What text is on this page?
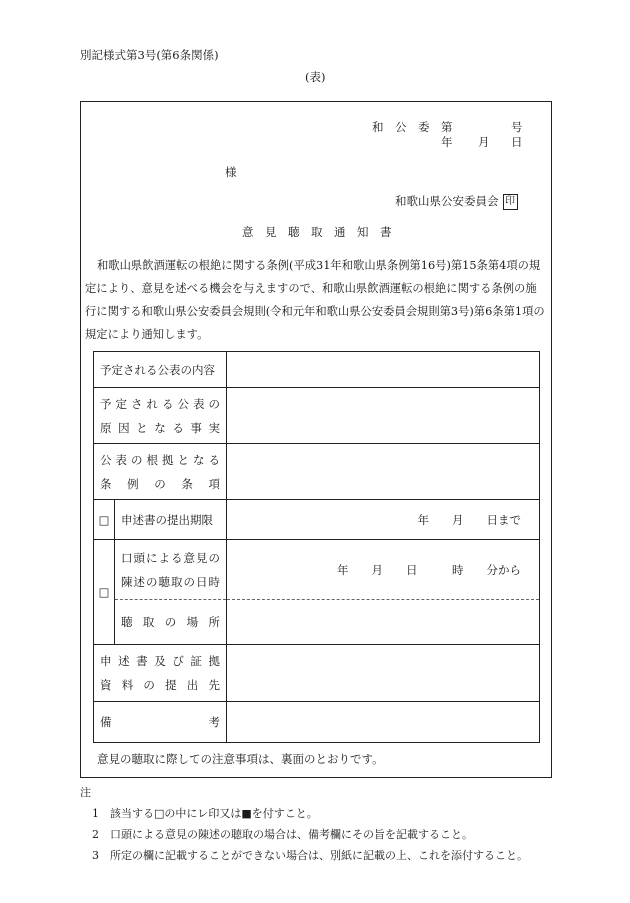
別記様式第3号(第6条関係)
(表)
和　公　委　第	号
年 月 日
様
和歌山県公安委員会 印
意　見　聴　取　通　知　書
和歌山県飲酒運転の根絶に関する条例(平成31年和歌山県条例第16号)第15条第4項の規定により、意見を述べる機会を与えますので、和歌山県飲酒運転の根絶に関する条例の施行に関する和歌山県公安委員会規則(令和元年和歌山県公安委員会規則第3号)第6条第1項の規定により通知します。
予定される公表の内容		

予定される公表の
原因となる事実		

公表の根拠となる
条例の条項		

□	申述書の提出期限	年　　月　　日まで
□	口頭による意見の
陳述の聴取の日時	年　　月　　日　　　時　　分から

	聴取の場所	

申述書及び証拠
資料の提出先		

備考		

意見の聴取に際しての注意事項は、裏面のとおりです。
注
1　該当する□の中にレ印又は■を付すこと。
2　口頭による意見の陳述の聴取の場合は、備考欄にその旨を記載すること。
3　所定の欄に記載することができない場合は、別紙に記載の上、これを添付すること。
